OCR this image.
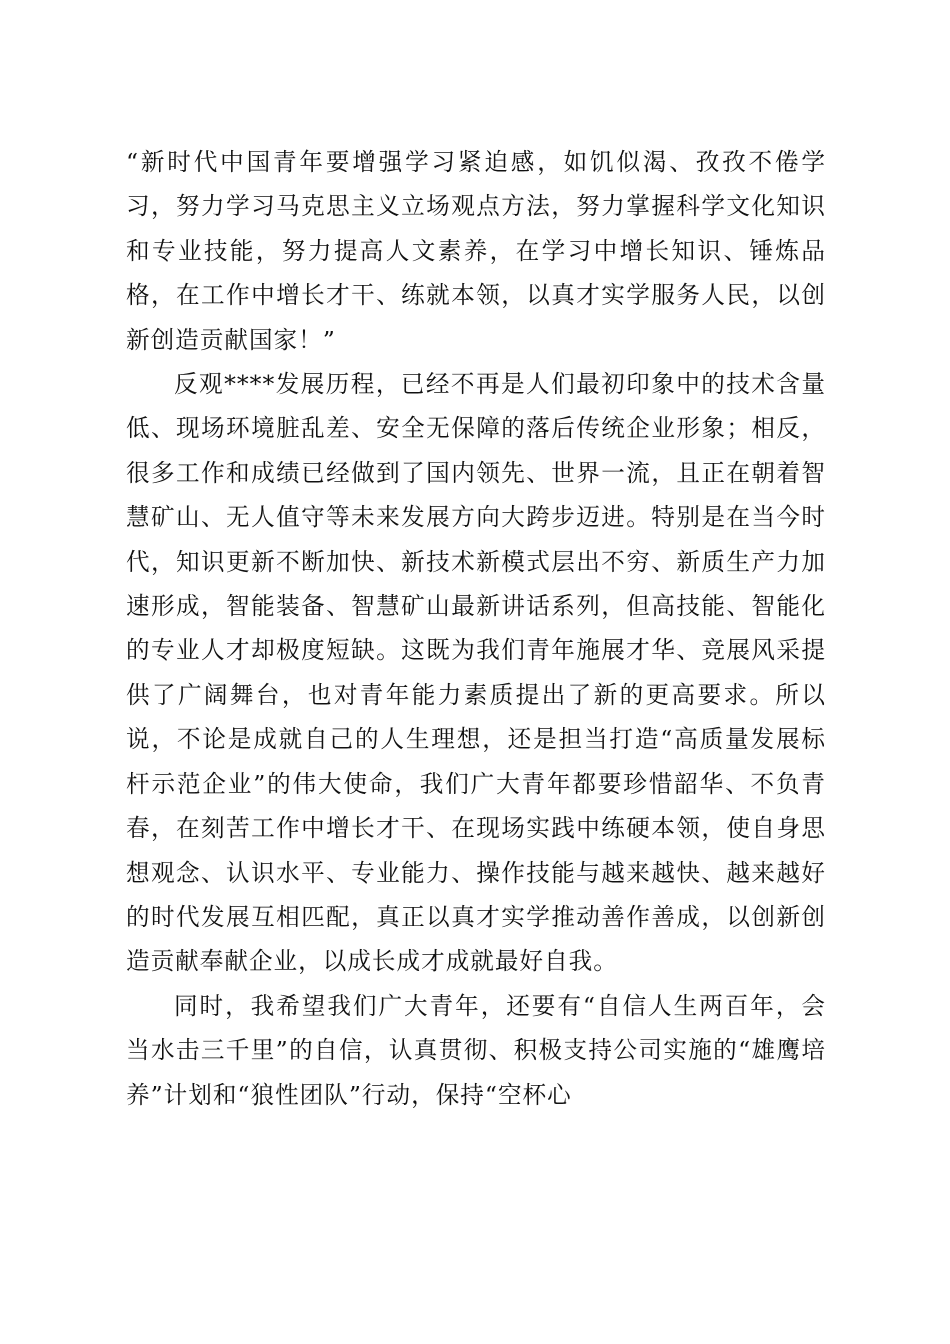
“新时代中国青年要增强学习紧迫感，如饥似渴、孜孜不倦学习，努力学习马克思主义立场观点方法，努力掌握科学文化知识和专业技能，努力提高人文素养，在学习中增长知识、锤炼品格，在工作中增长才干、练就本领，以真才实学服务人民，以创新创造贡献国家！”

反观****发展历程，已经不再是人们最初印象中的技术含量低、现场环境脏乱差、安全无保障的落后传统企业形象；相反，很多工作和成绩已经做到了国内领先、世界一流，且正在朝着智慧矿山、无人值守等未来发展方向大跨步迈进。特别是在当今时代，知识更新不断加快、新技术新模式层出不穷、新质生产力加速形成，智能装备、智慧矿山最新讲话系列，但高技能、智能化的专业人才却极度短缺。这既为我们青年施展才华、竞展风采提供了广阔舞台，也对青年能力素质提出了新的更高要求。所以说，不论是成就自己的人生理想，还是担当打造“高质量发展标杆示范企业”的伟大使命，我们广大青年都要珍惜韶华、不负青春，在刻苦工作中增长才干、在现场实践中练硬本领，使自身思想观念、认识水平、专业能力、操作技能与越来越快、越来越好的时代发展互相匹配，真正以真才实学推动善作善成，以创新创造贡献奉献企业，以成长成才成就最好自我。

同时，我希望我们广大青年，还要有“自信人生两百年，会当水击三千里”的自信，认真贯彻、积极支持公司实施的“雄鹰培养”计划和“狼性团队”行动，保持“空杯心
